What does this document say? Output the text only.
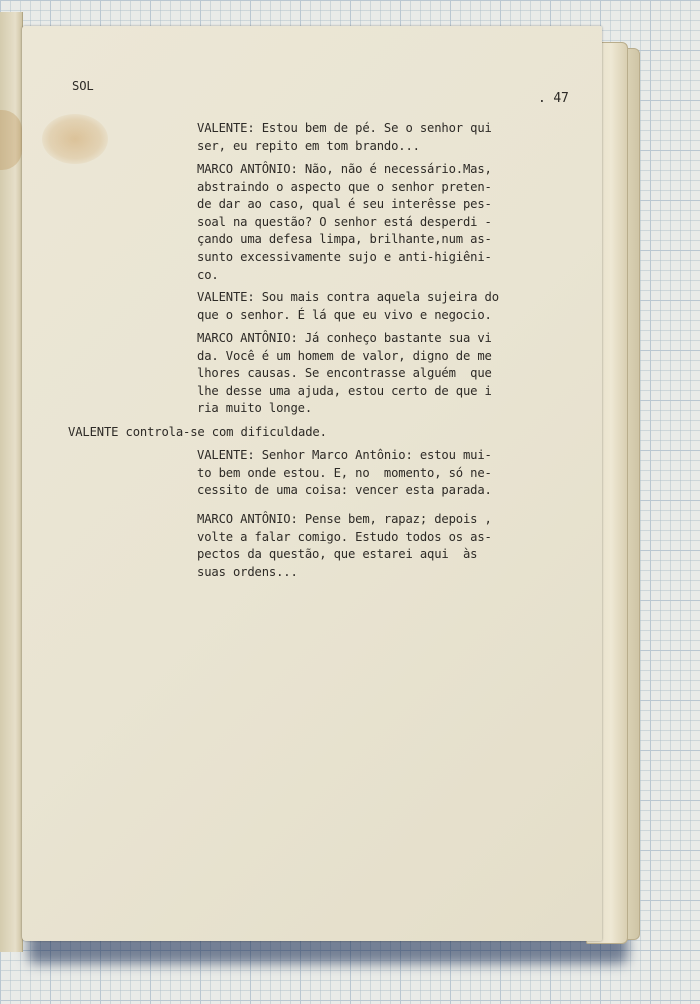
SOL
. 47
VALENTE: Estou bem de pé. Se o senhor qui
ser, eu repito em tom brando...
MARCO ANTÔNIO: Não, não é necessário.Mas,
abstraindo o aspecto que o senhor preten-
de dar ao caso, qual é seu interêsse pes-
soal na questão? O senhor está desperdi -
çando uma defesa limpa, brilhante,num as-
sunto excessivamente sujo e anti-higiêni-
co.
VALENTE: Sou mais contra aquela sujeira do
que o senhor. É lá que eu vivo e negocio.
MARCO ANTÔNIO: Já conheço bastante sua vi
da. Você é um homem de valor, digno de me
lhores causas. Se encontrasse alguém  que
lhe desse uma ajuda, estou certo de que i
ria muito longe.
VALENTE controla-se com dificuldade.
VALENTE: Senhor Marco Antônio: estou mui-
to bem onde estou. E, no  momento, só ne-
cessito de uma coisa: vencer esta parada.
MARCO ANTÔNIO: Pense bem, rapaz; depois ,
volte a falar comigo. Estudo todos os as-
pectos da questão, que estarei aqui  às
suas ordens...
